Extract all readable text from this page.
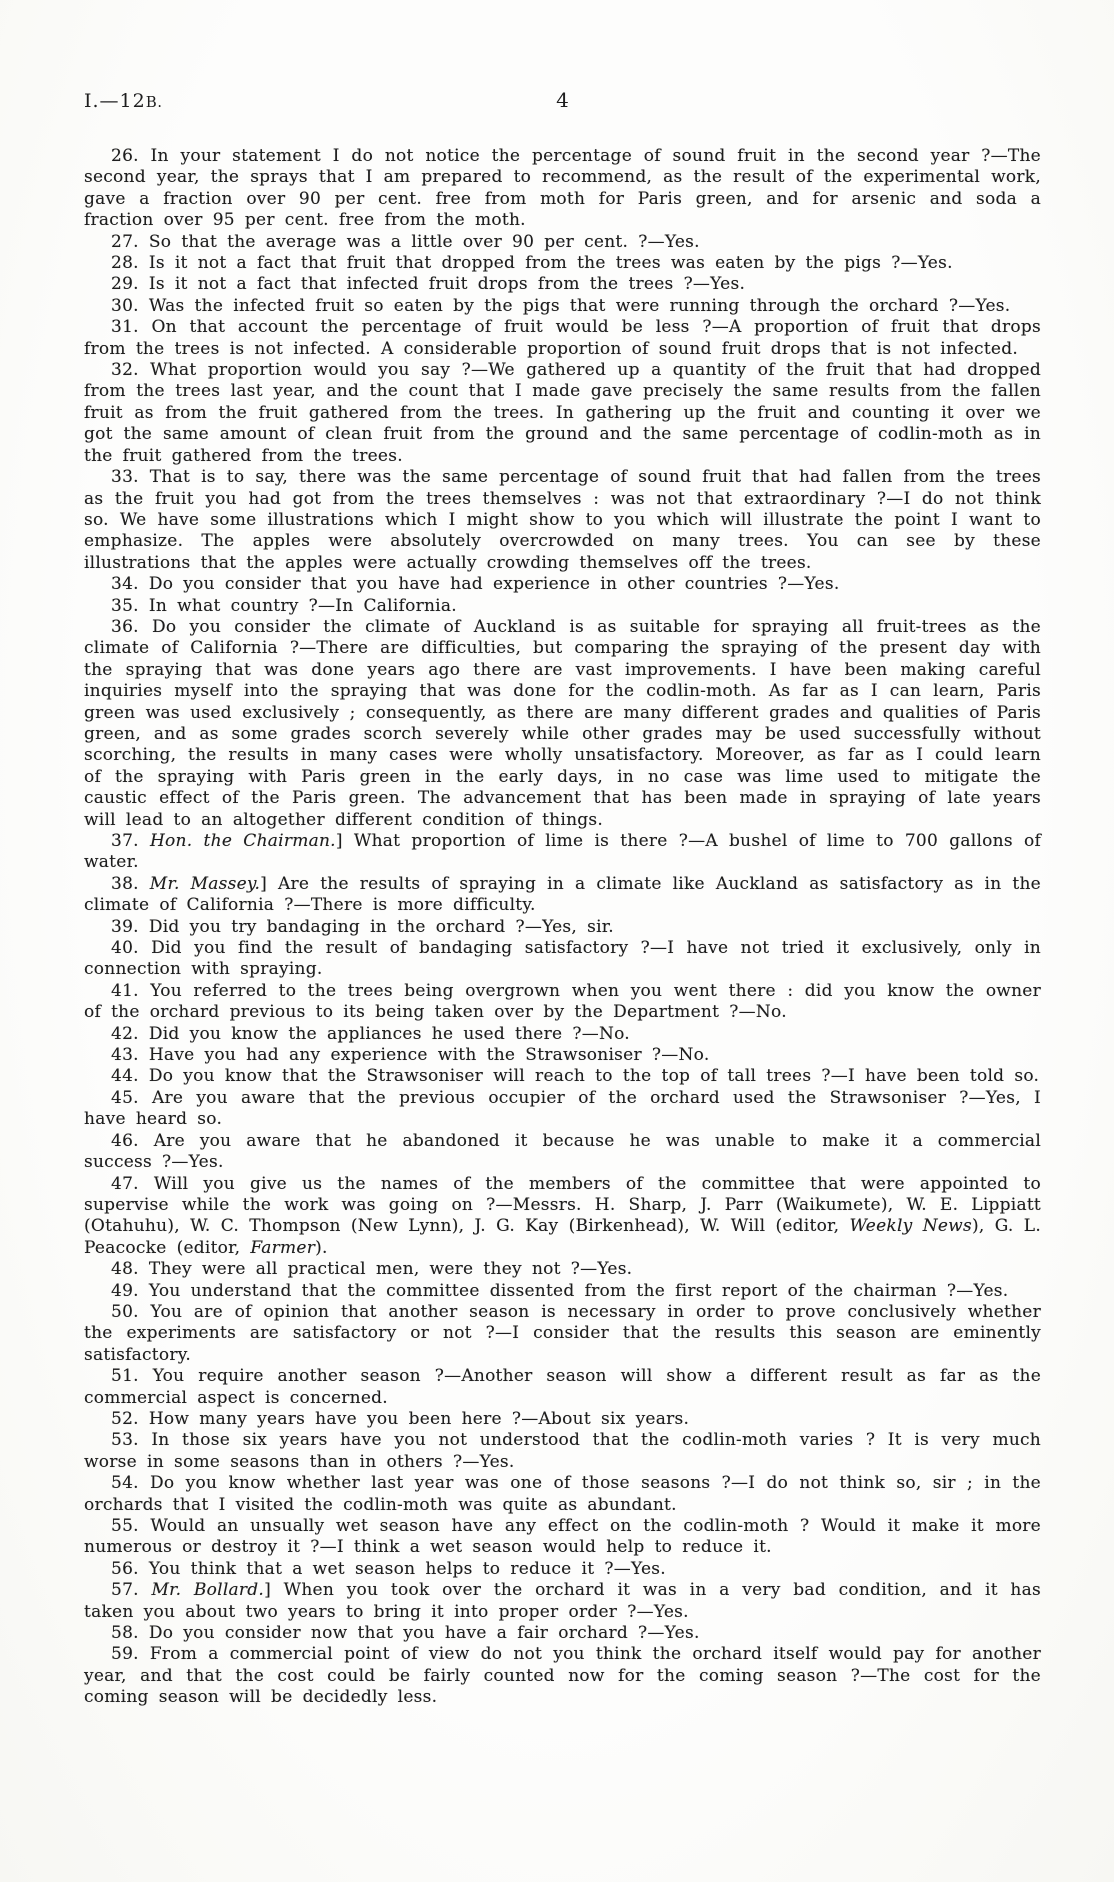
I.—12B.	4

26. In your statement I do not notice the percentage of sound fruit in the second year ?—The second year, the sprays that I am prepared to recommend, as the result of the experimental work, gave a fraction over 90 per cent. free from moth for Paris green, and for arsenic and soda a fraction over 95 per cent. free from the moth.

27. So that the average was a little over 90 per cent. ?—Yes.

28. Is it not a fact that fruit that dropped from the trees was eaten by the pigs ?—Yes.

29. Is it not a fact that infected fruit drops from the trees ?—Yes.

30. Was the infected fruit so eaten by the pigs that were running through the orchard ?—Yes.

31. On that account the percentage of fruit would be less ?—A proportion of fruit that drops from the trees is not infected. A considerable proportion of sound fruit drops that is not infected.

32. What proportion would you say ?—We gathered up a quantity of the fruit that had dropped from the trees last year, and the count that I made gave precisely the same results from the fallen fruit as from the fruit gathered from the trees. In gathering up the fruit and counting it over we got the same amount of clean fruit from the ground and the same percentage of codlin-moth as in the fruit gathered from the trees.

33. That is to say, there was the same percentage of sound fruit that had fallen from the trees as the fruit you had got from the trees themselves : was not that extraordinary ?—I do not think so. We have some illustrations which I might show to you which will illustrate the point I want to emphasize. The apples were absolutely overcrowded on many trees. You can see by these illustrations that the apples were actually crowding themselves off the trees.

34. Do you consider that you have had experience in other countries ?—Yes.

35. In what country ?—In California.

36. Do you consider the climate of Auckland is as suitable for spraying all fruit-trees as the climate of California ?—There are difficulties, but comparing the spraying of the present day with the spraying that was done years ago there are vast improvements. I have been making careful inquiries myself into the spraying that was done for the codlin-moth. As far as I can learn, Paris green was used exclusively ; consequently, as there are many different grades and qualities of Paris green, and as some grades scorch severely while other grades may be used successfully without scorching, the results in many cases were wholly unsatisfactory. Moreover, as far as I could learn of the spraying with Paris green in the early days, in no case was lime used to mitigate the caustic effect of the Paris green. The advancement that has been made in spraying of late years will lead to an altogether different condition of things.

37. Hon. the Chairman.] What proportion of lime is there ?—A bushel of lime to 700 gallons of water.

38. Mr. Massey.] Are the results of spraying in a climate like Auckland as satisfactory as in the climate of California ?—There is more difficulty.

39. Did you try bandaging in the orchard ?—Yes, sir.

40. Did you find the result of bandaging satisfactory ?—I have not tried it exclusively, only in connection with spraying.

41. You referred to the trees being overgrown when you went there : did you know the owner of the orchard previous to its being taken over by the Department ?—No.

42. Did you know the appliances he used there ?—No.

43. Have you had any experience with the Strawsoniser ?—No.

44. Do you know that the Strawsoniser will reach to the top of tall trees ?—I have been told so.

45. Are you aware that the previous occupier of the orchard used the Strawsoniser ?—Yes, I have heard so.

46. Are you aware that he abandoned it because he was unable to make it a commercial success ?—Yes.

47. Will you give us the names of the members of the committee that were appointed to supervise while the work was going on ?—Messrs. H. Sharp, J. Parr (Waikumete), W. E. Lippiatt (Otahuhu), W. C. Thompson (New Lynn), J. G. Kay (Birkenhead), W. Will (editor, Weekly News), G. L. Peacocke (editor, Farmer).

48. They were all practical men, were they not ?—Yes.

49. You understand that the committee dissented from the first report of the chairman ?—Yes.

50. You are of opinion that another season is necessary in order to prove conclusively whether the experiments are satisfactory or not ?—I consider that the results this season are eminently satisfactory.

51. You require another season ?—Another season will show a different result as far as the commercial aspect is concerned.

52. How many years have you been here ?—About six years.

53. In those six years have you not understood that the codlin-moth varies ? It is very much worse in some seasons than in others ?—Yes.

54. Do you know whether last year was one of those seasons ?—I do not think so, sir ; in the orchards that I visited the codlin-moth was quite as abundant.

55. Would an unsually wet season have any effect on the codlin-moth ? Would it make it more numerous or destroy it ?—I think a wet season would help to reduce it.

56. You think that a wet season helps to reduce it ?—Yes.

57. Mr. Bollard.] When you took over the orchard it was in a very bad condition, and it has taken you about two years to bring it into proper order ?—Yes.

58. Do you consider now that you have a fair orchard ?—Yes.

59. From a commercial point of view do not you think the orchard itself would pay for another year, and that the cost could be fairly counted now for the coming season ?—The cost for the coming season will be decidedly less.
